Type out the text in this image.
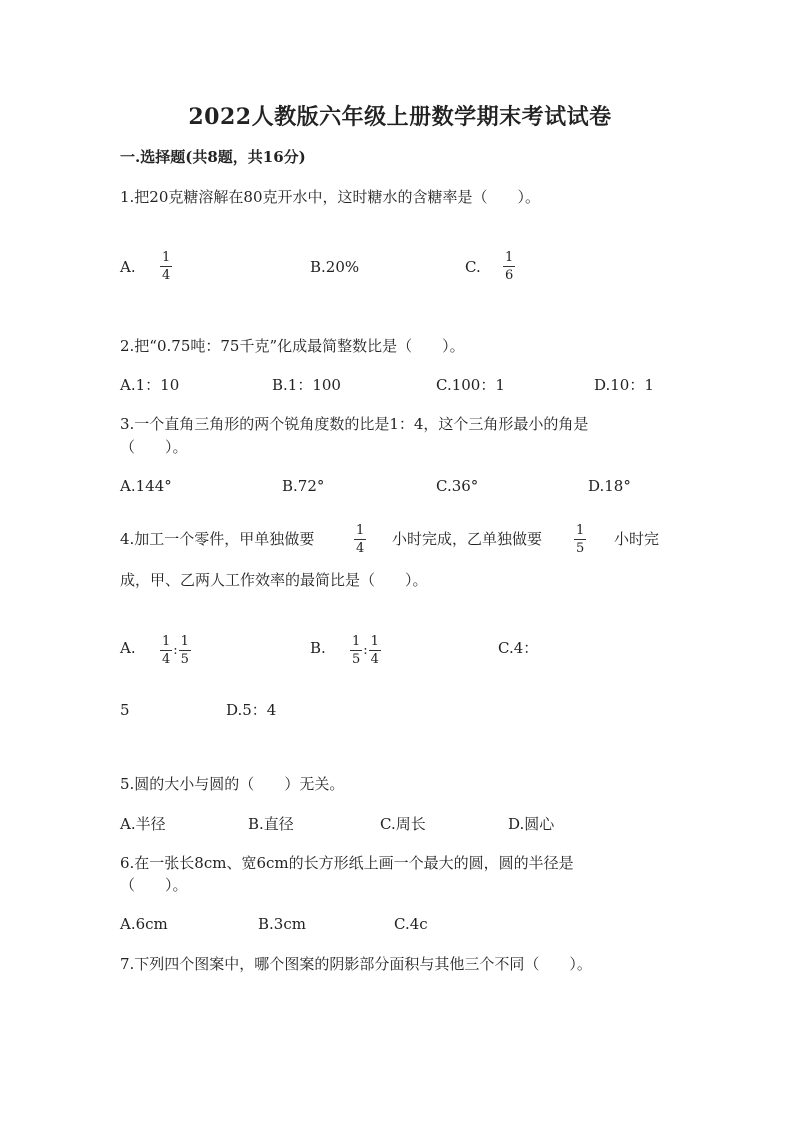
2022人教版六年级上册数学期末考试试卷
一.选择题(共8题，共16分)
1.把20克糖溶解在80克开水中，这时糖水的含糖率是（　　）。
A. $\frac{1}{4}$	B.20%	C. $\frac{1}{6}$
2.把“0.75吨：75千克”化成最简整数比是（　　）。
A.1：10	B.1：100	C.100：1	D.10：1
3.一个直角三角形的两个锐角度数的比是1：4，这个三角形最小的角是
（　　）。
A.144°	B.72°	C.36°	D.18°
4.加工一个零件，甲单独做要	$\frac{1}{4}$ 小时完成，乙单独做要 $\frac{1}{5}$ 小时完
成，甲、乙两人工作效率的最简比是（　　）。
A. $\frac{1}{4}$ : $\frac{1}{5}$	B. $\frac{1}{5}$ : $\frac{1}{4}$	C.4：
5	D.5：4
5.圆的大小与圆的（　　）无关。
A.半径	B.直径	C.周长	D.圆心
6.在一张长8cm、宽6cm的长方形纸上画一个最大的圆，圆的半径是
（　　）。
A.6cm	B.3cm	C.4c
7.下列四个图案中，哪个图案的阴影部分面积与其他三个不同（　　）。
